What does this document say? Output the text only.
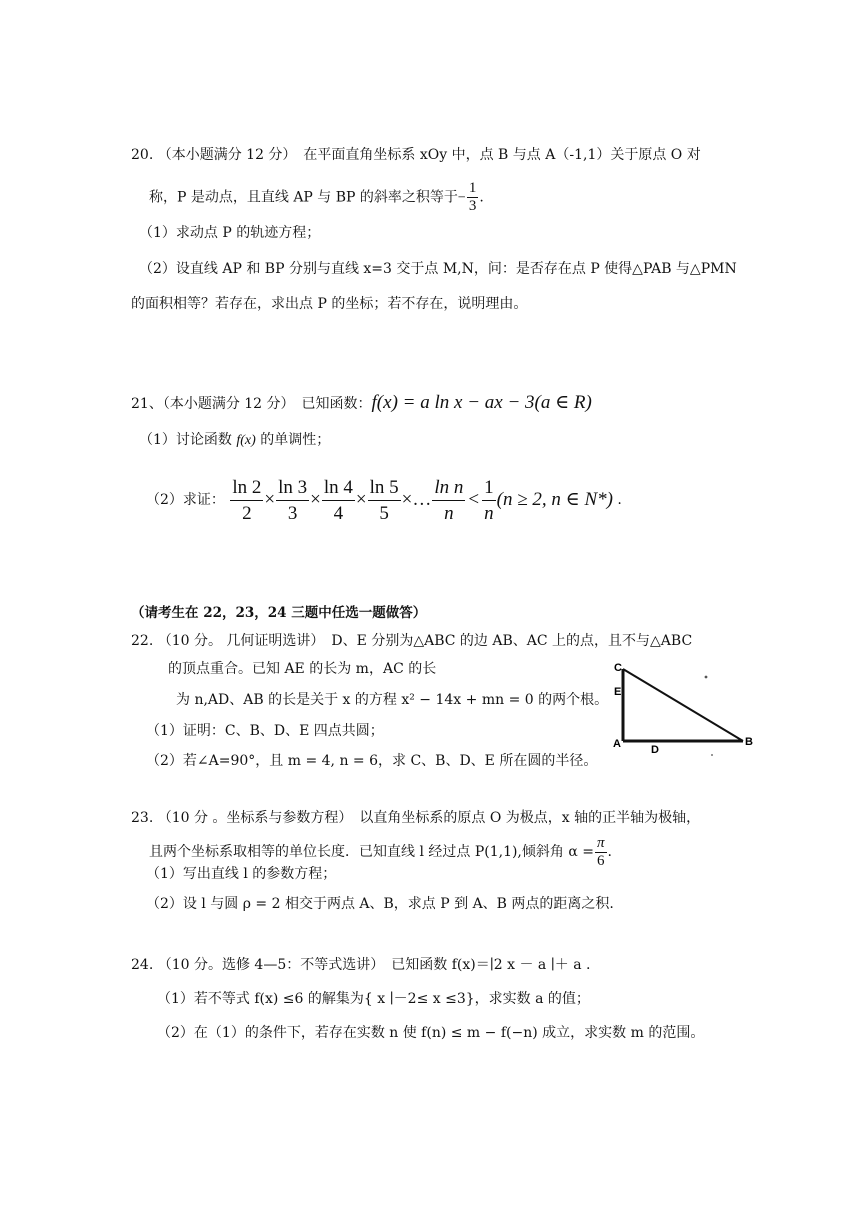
20. （本小题满分 12 分）　在平面直角坐标系 xOy 中，点 B 与点 A（-1,1）关于原点 O 对
称，P 是动点，且直线 AP 与 BP 的斜率之积等于− $\frac{1}{3}$ .
（1）求动点 P 的轨迹方程；
（2）设直线 AP 和 BP 分别与直线 x=3 交于点 M,N，问：是否存在点 P 使得△PAB 与△PMN
的面积相等？若存在，求出点 P 的坐标；若不存在，说明理由。
21、（本小题满分 12 分）　已知函数：f(x) = a ln x − ax − 3(a ∈ R)
（1）讨论函数 f(x) 的单调性；
（2）求证： $\frac{\ln 2}{2} \times \frac{\ln 3}{3} \times \frac{\ln 4}{4} \times \frac{\ln 5}{5}$ ×… $\frac{\text{ln n}}{n} < \frac{1}{n} (n \ge 2$, n ∈ N*) .
（请考生在 22，23，24 三题中任选一题做答）
22. （10 分。 几何证明选讲）　D、E 分别为△ABC 的边 AB、AC 上的点，且不与△ABC
的顶点重合。已知 AE 的长为 m，AC 的长
为 n,AD、AB 的长是关于 x 的方程 x² − 14x + mn = 0 的两个根。
（1）证明：C、B、D、E 四点共圆；
（2）若∠A=90°，且 m = 4, n = 6，求 C、B、D、E 所在圆的半径。
C
E
A	D
B
23. （10 分 。坐标系与参数方程）　以直角坐标系的原点 O 为极点，x 轴的正半轴为极轴，
且两个坐标系取相等的单位长度．已知直线 l 经过点 P(1,1),倾斜角 $\alpha = \frac{\pi}{6}$ .
（1）写出直线 l 的参数方程；
（2）设 l 与圆 ρ = 2 相交于两点 A、B，求点 P 到 A、B 两点的距离之积.
24. （10 分。选修 4—5：不等式选讲）　已知函数 f(x)＝∣2 x － a ∣＋ a .
（1）若不等式 f(x) ≤6 的解集为{ x ∣－2≤ x ≤3}，求实数 a 的值；
（2）在（1）的条件下，若存在实数 n 使 f(n) ≤ m − f(−n) 成立，求实数 m 的范围。
